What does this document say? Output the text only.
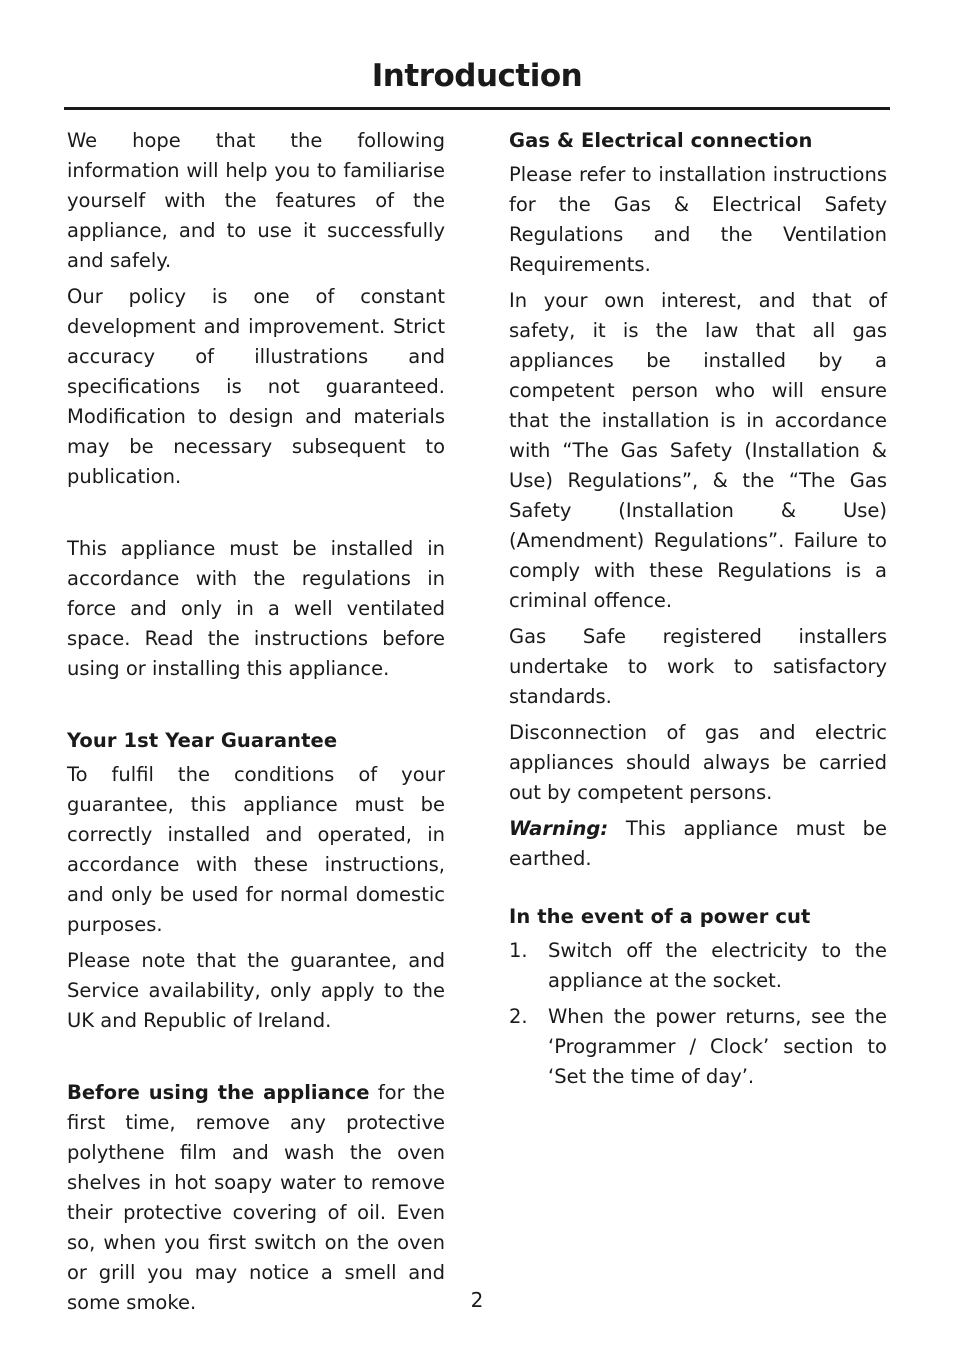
Introduction

We hope that the following information will help you to familiarise yourself with the features of the appliance, and to use it successfully and safely.

Our policy is one of constant development and improvement. Strict accuracy of illustrations and specifications is not guaranteed. Modification to design and materials may be necessary subsequent to publication.

This appliance must be installed in accordance with the regulations in force and only in a well ventilated space. Read the instructions before using or installing this appliance.

Your 1st Year Guarantee

To fulfil the conditions of your guarantee, this appliance must be correctly installed and operated, in accordance with these instructions, and only be used for normal domestic purposes.

Please note that the guarantee, and Service availability, only apply to the UK and Republic of Ireland.

Before using the appliance for the first time, remove any protective polythene film and wash the oven shelves in hot soapy water to remove their protective covering of oil. Even so, when you first switch on the oven or grill you may notice a smell and some smoke.

Gas & Electrical connection

Please refer to installation instructions for the Gas & Electrical Safety Regulations and the Ventilation Requirements.

In your own interest, and that of safety, it is the law that all gas appliances be installed by a competent person who will ensure that the installation is in accordance with “The Gas Safety (Installation & Use) Regulations”, & the “The Gas Safety (Installation & Use) (Amendment) Regulations”. Failure to comply with these Regulations is a criminal offence.

Gas Safe registered installers undertake to work to satisfactory standards.

Disconnection of gas and electric appliances should always be carried out by competent persons.

Warning: This appliance must be earthed.

In the event of a power cut
1. Switch off the electricity to the appliance at the socket.
2. When the power returns, see the ‘Programmer / Clock’ section to ‘Set the time of day’.
2
